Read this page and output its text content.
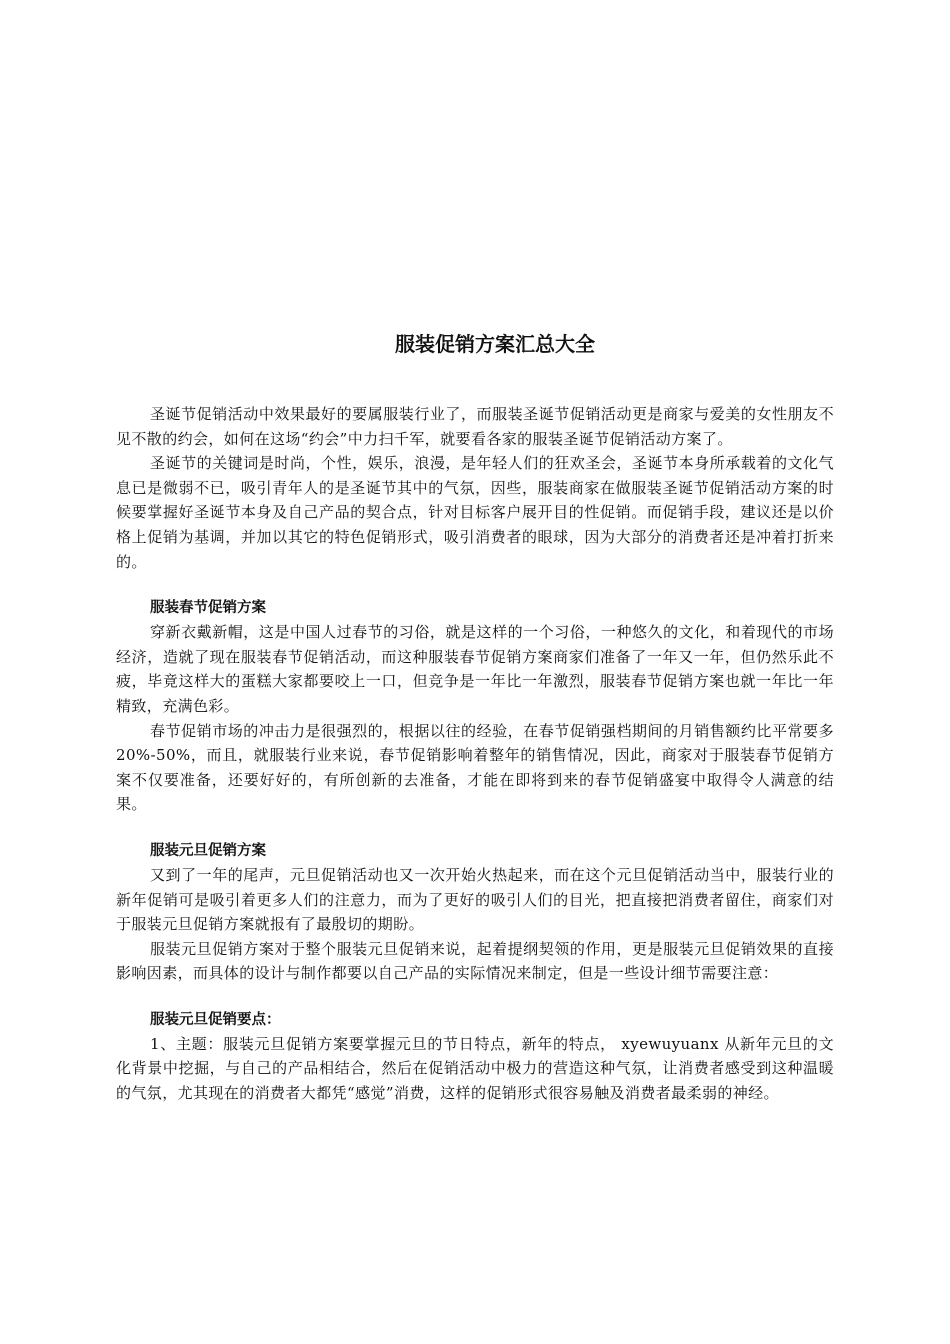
服装促销方案汇总大全

圣诞节促销活动中效果最好的要属服装行业了，而服装圣诞节促销活动更是商家与爱美的女性朋友不见不散的约会，如何在这场“约会”中力扫千军，就要看各家的服装圣诞节促销活动方案了。

圣诞节的关键词是时尚，个性，娱乐，浪漫，是年轻人们的狂欢圣会，圣诞节本身所承载着的文化气息已是微弱不已，吸引青年人的是圣诞节其中的气氛，因些，服装商家在做服装圣诞节促销活动方案的时候要掌握好圣诞节本身及自己产品的契合点，针对目标客户展开目的性促销。而促销手段，建议还是以价格上促销为基调，并加以其它的特色促销形式，吸引消费者的眼球，因为大部分的消费者还是冲着打折来的。

服装春节促销方案

穿新衣戴新帽，这是中国人过春节的习俗，就是这样的一个习俗，一种悠久的文化，和着现代的市场经济，造就了现在服装春节促销活动，而这种服装春节促销方案商家们准备了一年又一年，但仍然乐此不疲，毕竟这样大的蛋糕大家都要咬上一口，但竞争是一年比一年激烈，服装春节促销方案也就一年比一年精致，充满色彩。

春节促销市场的冲击力是很强烈的，根据以往的经验，在春节促销强档期间的月销售额约比平常要多20%-50%，而且，就服装行业来说，春节促销影响着整年的销售情况，因此，商家对于服装春节促销方案不仅要准备，还要好好的，有所创新的去准备，才能在即将到来的春节促销盛宴中取得令人满意的结果。

服装元旦促销方案

又到了一年的尾声，元旦促销活动也又一次开始火热起来，而在这个元旦促销活动当中，服装行业的新年促销可是吸引着更多人们的注意力，而为了更好的吸引人们的目光，把直接把消费者留住，商家们对于服装元旦促销方案就报有了最殷切的期盼。

服装元旦促销方案对于整个服装元旦促销来说，起着提纲契领的作用，更是服装元旦促销效果的直接影响因素，而具体的设计与制作都要以自己产品的实际情况来制定，但是一些设计细节需要注意：

服装元旦促销要点：

1、主题：服装元旦促销方案要掌握元旦的节日特点，新年的特点， xyewuyuanx 从新年元旦的文化背景中挖掘，与自己的产品相结合，然后在促销活动中极力的营造这种气氛，让消费者感受到这种温暖的气氛，尤其现在的消费者大都凭“感觉”消费，这样的促销形式很容易触及消费者最柔弱的神经。
